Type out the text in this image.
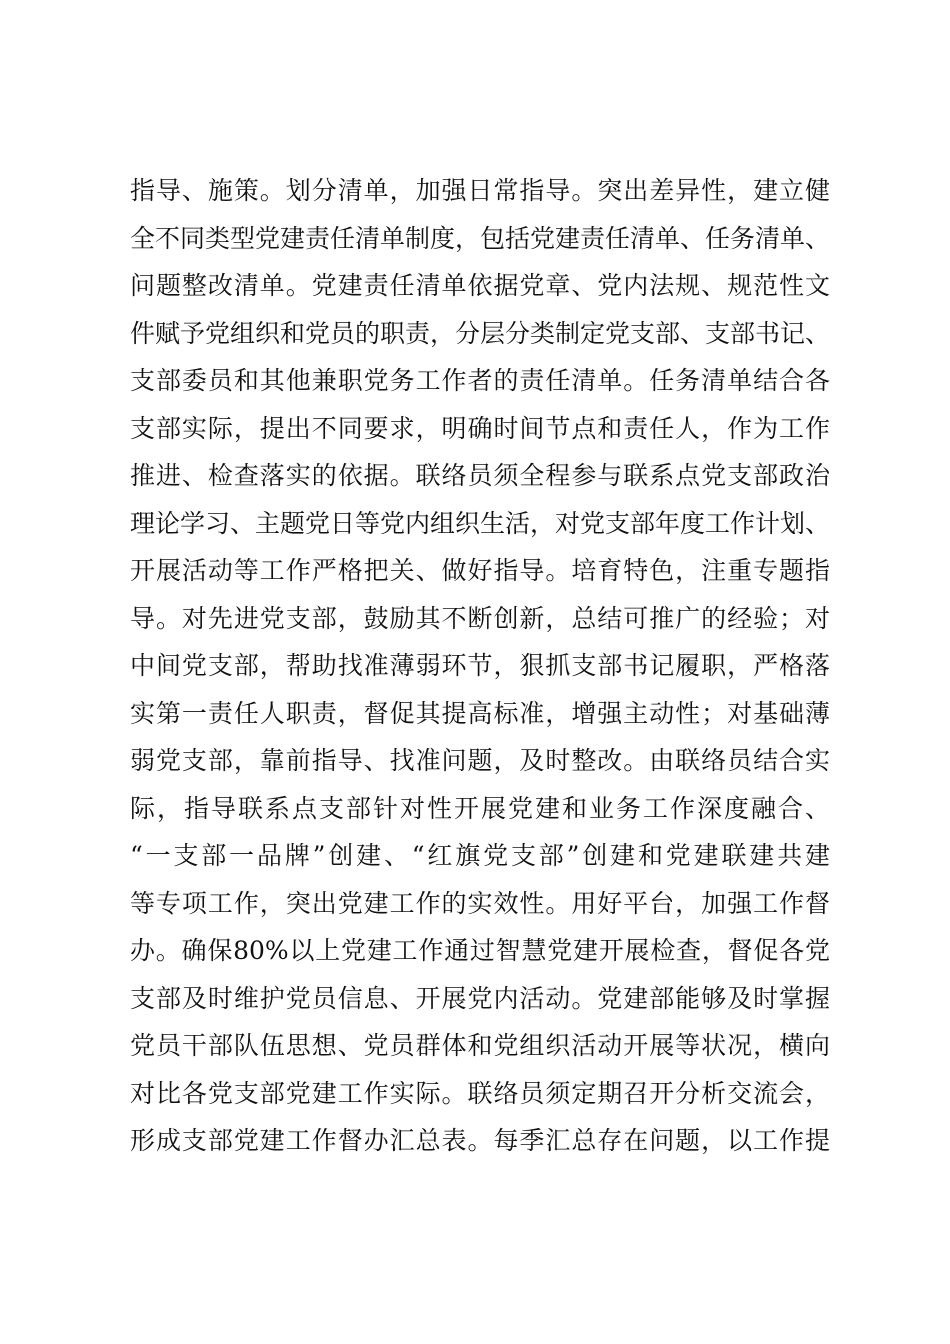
指导、施策。划分清单，加强日常指导。突出差异性，建立健
全不同类型党建责任清单制度，包括党建责任清单、任务清单、
问题整改清单。党建责任清单依据党章、党内法规、规范性文
件赋予党组织和党员的职责，分层分类制定党支部、支部书记、
支部委员和其他兼职党务工作者的责任清单。任务清单结合各
支部实际，提出不同要求，明确时间节点和责任人，作为工作
推进、检查落实的依据。联络员须全程参与联系点党支部政治
理论学习、主题党日等党内组织生活，对党支部年度工作计划、
开展活动等工作严格把关、做好指导。培育特色，注重专题指
导。对先进党支部，鼓励其不断创新，总结可推广的经验；对
中间党支部，帮助找准薄弱环节，狠抓支部书记履职，严格落
实第一责任人职责，督促其提高标准，增强主动性；对基础薄
弱党支部，靠前指导、找准问题，及时整改。由联络员结合实
际，指导联系点支部针对性开展党建和业务工作深度融合、
“一支部一品牌”创建、“红旗党支部”创建和党建联建共建
等专项工作，突出党建工作的实效性。用好平台，加强工作督
办。确保80%以上党建工作通过智慧党建开展检查，督促各党
支部及时维护党员信息、开展党内活动。党建部能够及时掌握
党员干部队伍思想、党员群体和党组织活动开展等状况，横向
对比各党支部党建工作实际。联络员须定期召开分析交流会，
形成支部党建工作督办汇总表。每季汇总存在问题，以工作提
